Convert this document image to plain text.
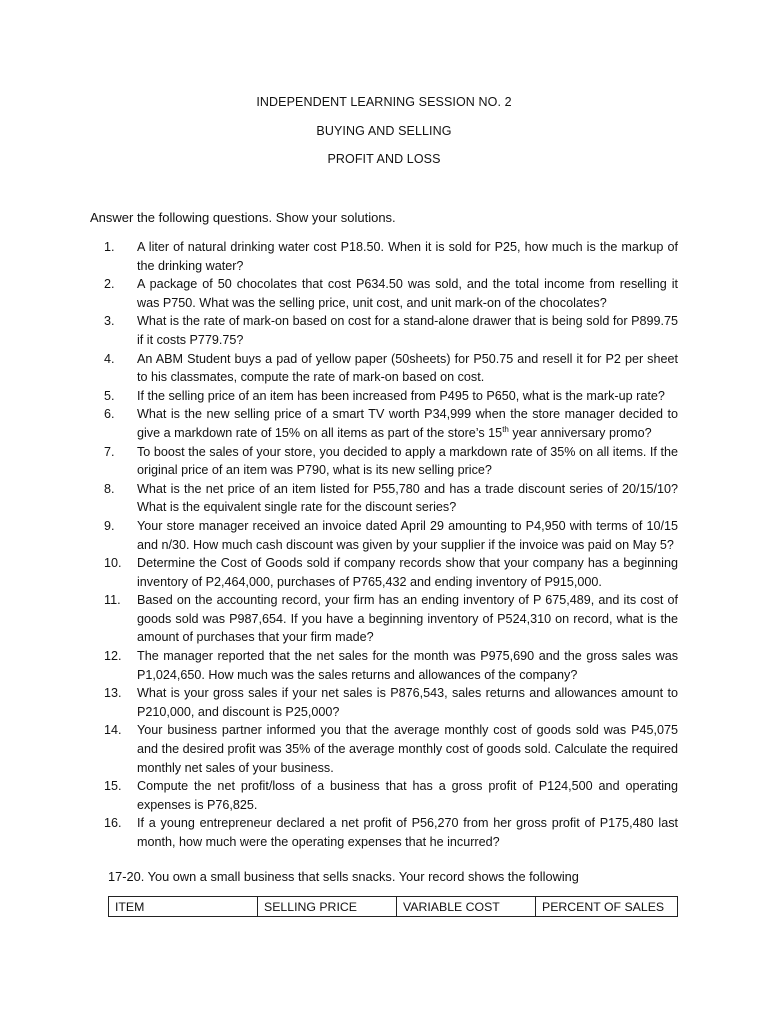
INDEPENDENT LEARNING SESSION NO. 2
BUYING AND SELLING
PROFIT AND LOSS
Answer the following questions. Show your solutions.
1.	A liter of natural drinking water cost P18.50. When it is sold for P25, how much is the markup of the drinking water?
2.	A package of 50 chocolates that cost P634.50 was sold, and the total income from reselling it was P750. What was the selling price, unit cost, and unit mark-on of the chocolates?
3.	What is the rate of mark-on based on cost for a stand-alone drawer that is being sold for P899.75 if it costs P779.75?
4.	An ABM Student buys a pad of yellow paper (50sheets) for P50.75 and resell it for P2 per sheet to his classmates, compute the rate of mark-on based on cost.
5.	If the selling price of an item has been increased from P495 to P650, what is the mark-up rate?
6.	What is the new selling price of a smart TV worth P34,999 when the store manager decided to give a markdown rate of 15% on all items as part of the store’s 15th year anniversary promo?
7.	To boost the sales of your store, you decided to apply a markdown rate of 35% on all items. If the original price of an item was P790, what is its new selling price?
8.	What is the net price of an item listed for P55,780 and has a trade discount series of 20/15/10? What is the equivalent single rate for the discount series?
9.	Your store manager received an invoice dated April 29 amounting to P4,950 with terms of 10/15 and n/30. How much cash discount was given by your supplier if the invoice was paid on May 5?
10.	Determine the Cost of Goods sold if company records show that your company has a beginning inventory of P2,464,000, purchases of P765,432 and ending inventory of P915,000.
11.	Based on the accounting record, your firm has an ending inventory of P 675,489, and its cost of goods sold was P987,654. If you have a beginning inventory of P524,310 on record, what is the amount of purchases that your firm made?
12.	The manager reported that the net sales for the month was P975,690 and the gross sales was P1,024,650. How much was the sales returns and allowances of the company?
13.	What is your gross sales if your net sales is P876,543, sales returns and allowances amount to P210,000, and discount is P25,000?
14.	Your business partner informed you that the average monthly cost of goods sold was P45,075 and the desired profit was 35% of the average monthly cost of goods sold. Calculate the required monthly net sales of your business.
15.	Compute the net profit/loss of a business that has a gross profit of P124,500 and operating expenses is P76,825.
16.	If a young entrepreneur declared a net profit of P56,270 from her gross profit of P175,480 last month, how much were the operating expenses that he incurred?
17-20. You own a small business that sells snacks. Your record shows the following
ITEM	SELLING PRICE	VARIABLE COST	PERCENT OF SALES
